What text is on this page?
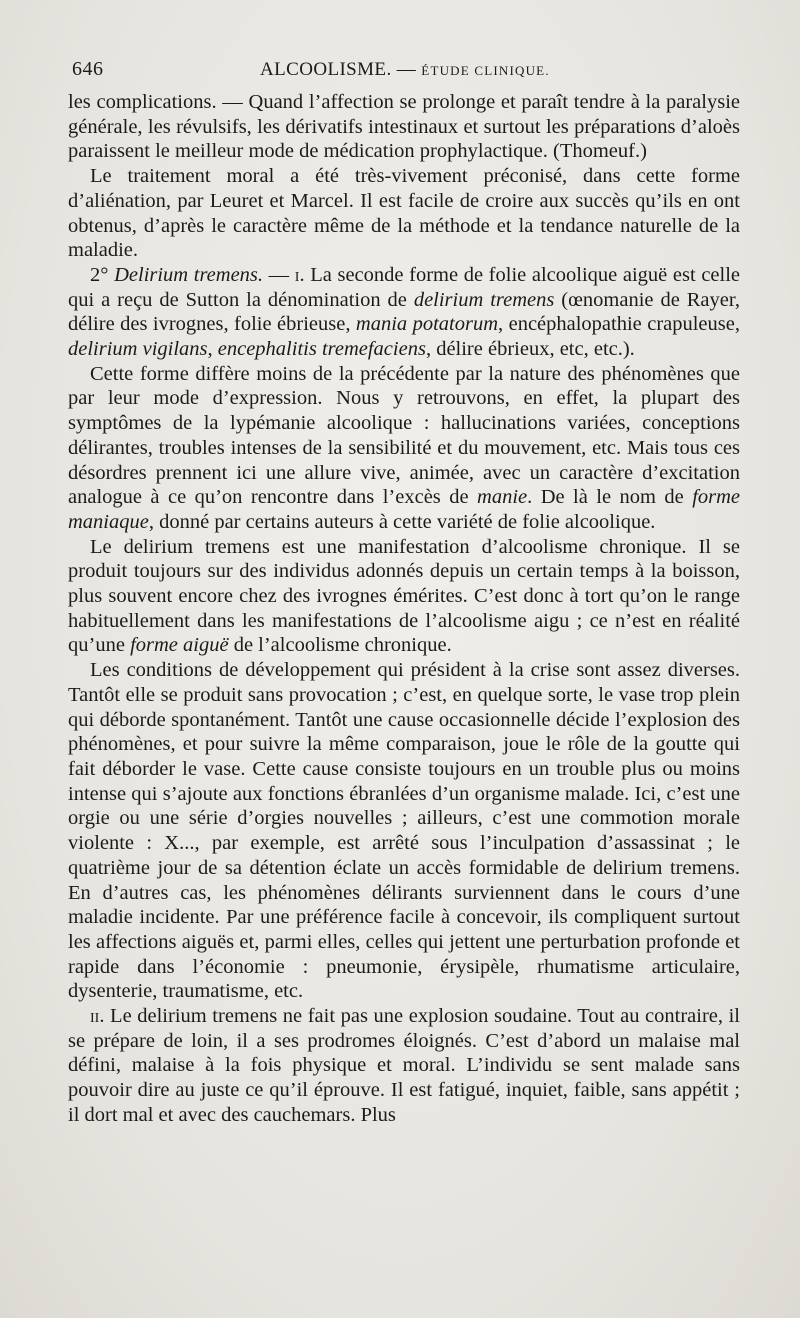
646	ALCOOLISME. — ÉTUDE CLINIQUE.

les complications. — Quand l’affection se prolonge et paraît tendre à la paralysie générale, les révulsifs, les dérivatifs intestinaux et surtout les préparations d’aloès paraissent le meilleur mode de médication prophylactique. (Thomeuf.)

Le traitement moral a été très-vivement préconisé, dans cette forme d’aliénation, par Leuret et Marcel. Il est facile de croire aux succès qu’ils en ont obtenus, d’après le caractère même de la méthode et la tendance naturelle de la maladie.

2° Delirium tremens. — i. La seconde forme de folie alcoolique aiguë est celle qui a reçu de Sutton la dénomination de delirium tremens (œnomanie de Rayer, délire des ivrognes, folie ébrieuse, mania potatorum, encéphalopathie crapuleuse, delirium vigilans, encephalitis tremefaciens, délire ébrieux, etc, etc.).

Cette forme diffère moins de la précédente par la nature des phénomènes que par leur mode d’expression. Nous y retrouvons, en effet, la plupart des symptômes de la lypémanie alcoolique : hallucinations variées, conceptions délirantes, troubles intenses de la sensibilité et du mouvement, etc. Mais tous ces désordres prennent ici une allure vive, animée, avec un caractère d’excitation analogue à ce qu’on rencontre dans l’excès de manie. De là le nom de forme maniaque, donné par certains auteurs à cette variété de folie alcoolique.

Le delirium tremens est une manifestation d’alcoolisme chronique. Il se produit toujours sur des individus adonnés depuis un certain temps à la boisson, plus souvent encore chez des ivrognes émérites. C’est donc à tort qu’on le range habituellement dans les manifestations de l’alcoolisme aigu ; ce n’est en réalité qu’une forme aiguë de l’alcoolisme chronique.

Les conditions de développement qui président à la crise sont assez diverses. Tantôt elle se produit sans provocation ; c’est, en quelque sorte, le vase trop plein qui déborde spontanément. Tantôt une cause occasionnelle décide l’explosion des phénomènes, et pour suivre la même comparaison, joue le rôle de la goutte qui fait déborder le vase. Cette cause consiste toujours en un trouble plus ou moins intense qui s’ajoute aux fonctions ébranlées d’un organisme malade. Ici, c’est une orgie ou une série d’orgies nouvelles ; ailleurs, c’est une commotion morale violente : X..., par exemple, est arrêté sous l’inculpation d’assassinat ; le quatrième jour de sa détention éclate un accès formidable de delirium tremens. En d’autres cas, les phénomènes délirants surviennent dans le cours d’une maladie incidente. Par une préférence facile à concevoir, ils compliquent surtout les affections aiguës et, parmi elles, celles qui jettent une perturbation profonde et rapide dans l’économie : pneumonie, érysipèle, rhumatisme articulaire, dysenterie, traumatisme, etc.

ii. Le delirium tremens ne fait pas une explosion soudaine. Tout au contraire, il se prépare de loin, il a ses prodromes éloignés. C’est d’abord un malaise mal défini, malaise à la fois physique et moral. L’individu se sent malade sans pouvoir dire au juste ce qu’il éprouve. Il est fatigué, inquiet, faible, sans appétit ; il dort mal et avec des cauchemars. Plus
